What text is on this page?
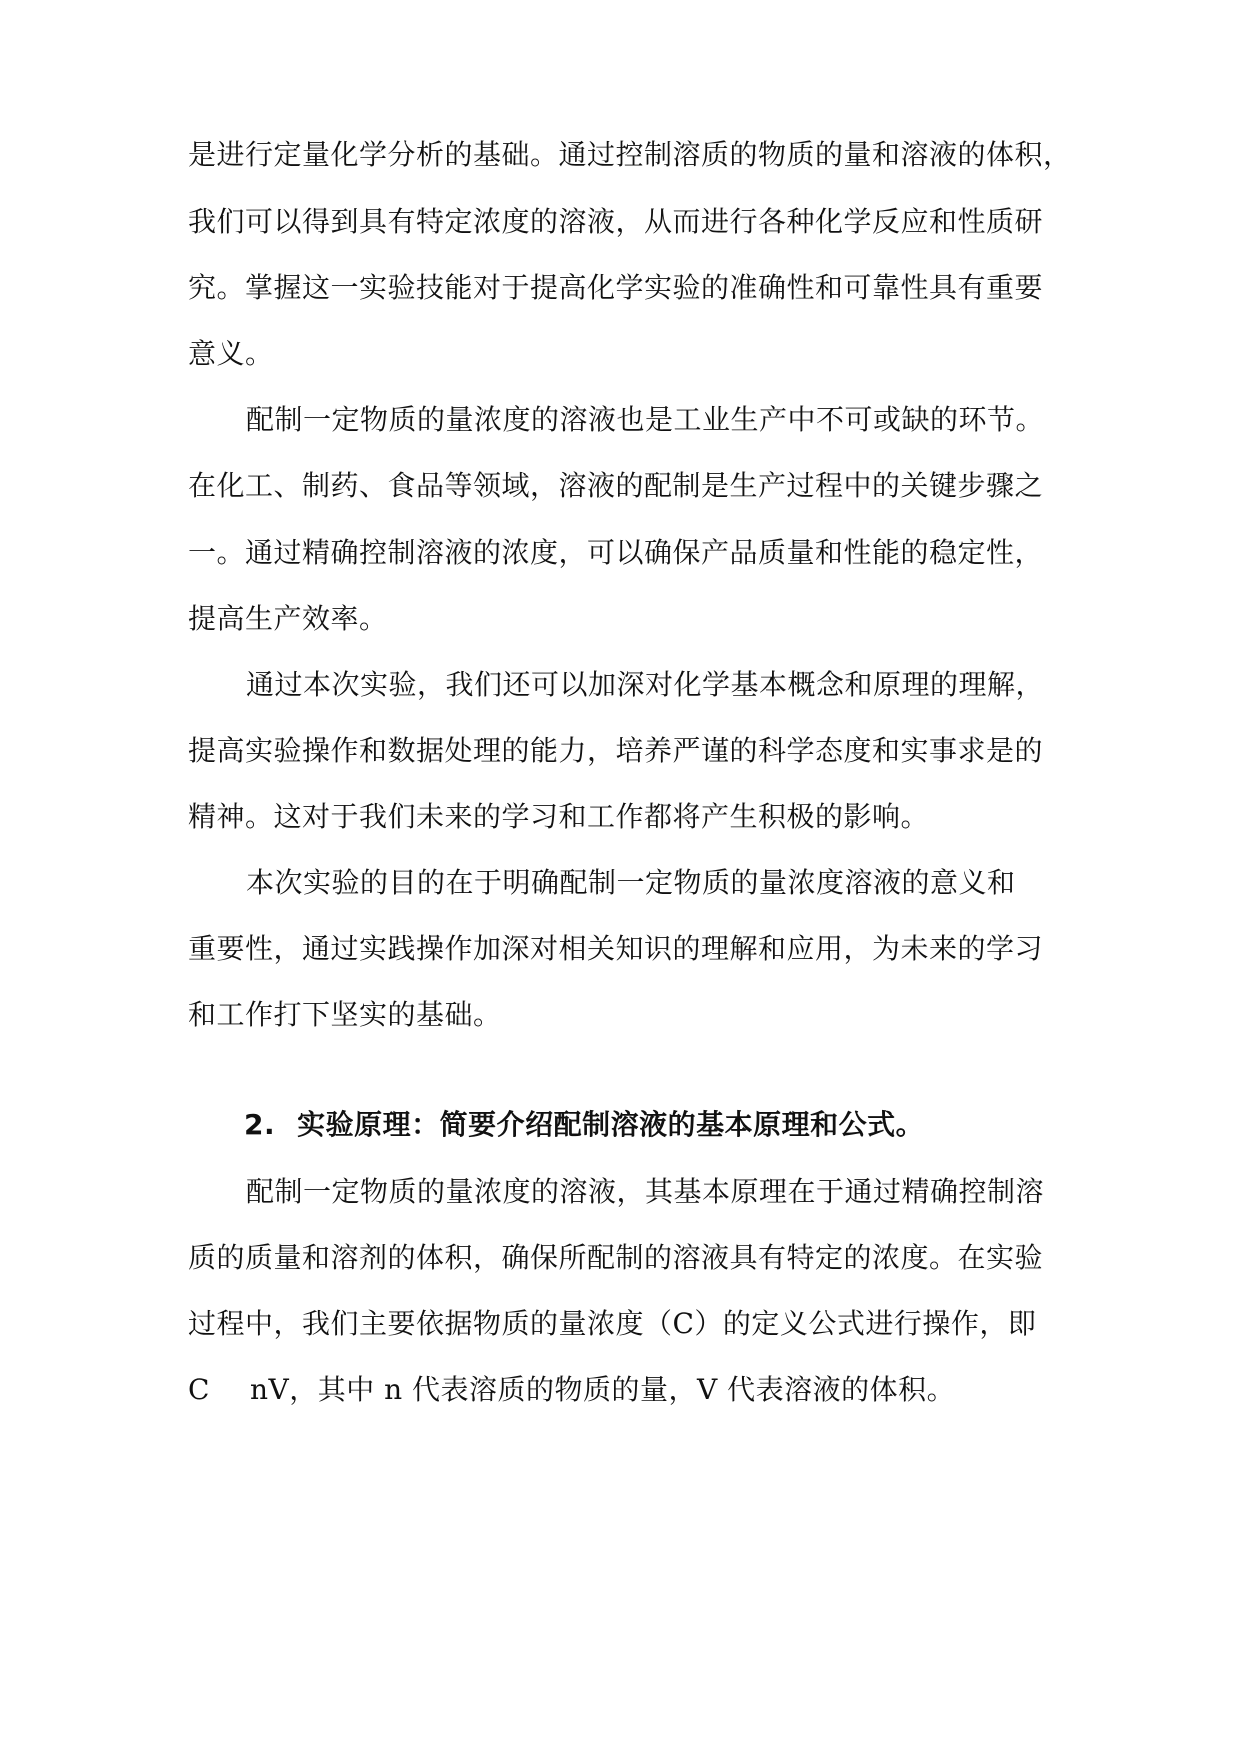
是进行定量化学分析的基础。通过控制溶质的物质的量和溶液的体积，
我们可以得到具有特定浓度的溶液，从而进行各种化学反应和性质研
究。掌握这一实验技能对于提高化学实验的准确性和可靠性具有重要
意义。
配制一定物质的量浓度的溶液也是工业生产中不可或缺的环节。
在化工、制药、食品等领域，溶液的配制是生产过程中的关键步骤之
一。通过精确控制溶液的浓度，可以确保产品质量和性能的稳定性，
提高生产效率。
通过本次实验，我们还可以加深对化学基本概念和原理的理解，
提高实验操作和数据处理的能力，培养严谨的科学态度和实事求是的
精神。这对于我们未来的学习和工作都将产生积极的影响。
本次实验的目的在于明确配制一定物质的量浓度溶液的意义和
重要性，通过实践操作加深对相关知识的理解和应用，为未来的学习
和工作打下坚实的基础。
2. 实验原理：简要介绍配制溶液的基本原理和公式。
配制一定物质的量浓度的溶液，其基本原理在于通过精确控制溶
质的质量和溶剂的体积，确保所配制的溶液具有特定的浓度。在实验
过程中，我们主要依据物质的量浓度（C）的定义公式进行操作，即
C nV，其中 n 代表溶质的物质的量，V 代表溶液的体积。
